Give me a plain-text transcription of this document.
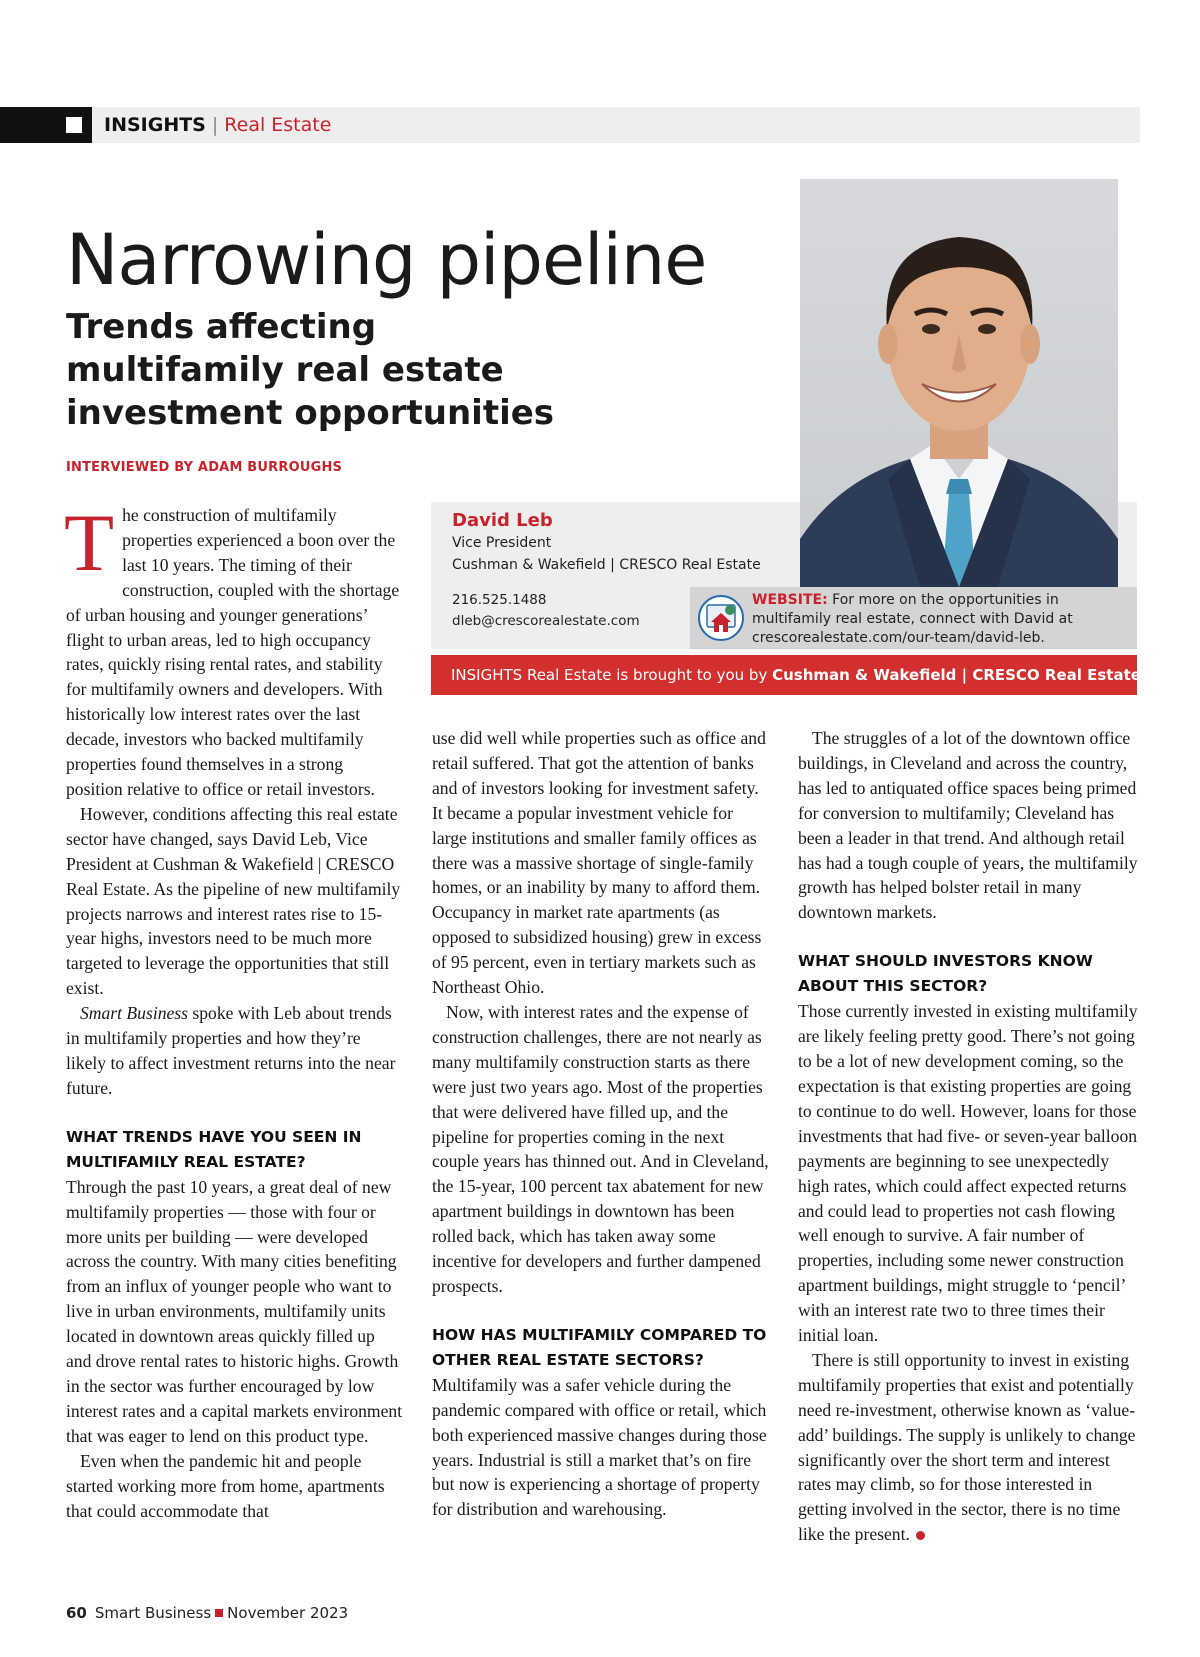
INSIGHTS | Real Estate
Narrowing pipeline
Trends affecting multifamily real estate investment opportunities
INTERVIEWED BY ADAM BURROUGHS
David Leb
Vice President
Cushman & Wakefield | CRESCO Real Estate
216.525.1488
dleb@crescorealestate.com
WEBSITE: For more on the opportunities in multifamily real estate, connect with David at crescorealestate.com/our-team/david-leb.
INSIGHTS Real Estate is brought to you by Cushman & Wakefield | CRESCO Real Estate

The construction of multifamily properties experienced a boon over the last 10 years. The timing of their construction, coupled with the shortage of urban housing and younger generations’ flight to urban areas, led to high occupancy rates, quickly rising rental rates, and stability for multifamily owners and developers. With historically low interest rates over the last decade, investors who backed multifamily properties found themselves in a strong position relative to office or retail investors.

However, conditions affecting this real estate sector have changed, says David Leb, Vice President at Cushman & Wakefield | CRESCO Real Estate. As the pipeline of new multifamily projects narrows and interest rates rise to 15-year highs, investors need to be much more targeted to leverage the opportunities that still exist.

Smart Business spoke with Leb about trends in multifamily properties and how they’re likely to affect investment returns into the near future.

WHAT TRENDS HAVE YOU SEEN IN MULTIFAMILY REAL ESTATE?

Through the past 10 years, a great deal of new multifamily properties — those with four or more units per building — were developed across the country. With many cities benefiting from an influx of younger people who want to live in urban environments, multifamily units located in downtown areas quickly filled up and drove rental rates to historic highs. Growth in the sector was further encouraged by low interest rates and a capital markets environment that was eager to lend on this product type.

Even when the pandemic hit and people started working more from home, apartments that could accommodate that

use did well while properties such as office and retail suffered. That got the attention of banks and of investors looking for investment safety. It became a popular investment vehicle for large institutions and smaller family offices as there was a massive shortage of single-family homes, or an inability by many to afford them. Occupancy in market rate apartments (as opposed to subsidized housing) grew in excess of 95 percent, even in tertiary markets such as Northeast Ohio.

Now, with interest rates and the expense of construction challenges, there are not nearly as many multifamily construction starts as there were just two years ago. Most of the properties that were delivered have filled up, and the pipeline for properties coming in the next couple years has thinned out. And in Cleveland, the 15-year, 100 percent tax abatement for new apartment buildings in downtown has been rolled back, which has taken away some incentive for developers and further dampened prospects.

HOW HAS MULTIFAMILY COMPARED TO OTHER REAL ESTATE SECTORS?

Multifamily was a safer vehicle during the pandemic compared with office or retail, which both experienced massive changes during those years. Industrial is still a market that’s on fire but now is experiencing a shortage of property for distribution and warehousing.

The struggles of a lot of the downtown office buildings, in Cleveland and across the country, has led to antiquated office spaces being primed for conversion to multifamily; Cleveland has been a leader in that trend. And although retail has had a tough couple of years, the multifamily growth has helped bolster retail in many downtown markets.

WHAT SHOULD INVESTORS KNOW ABOUT THIS SECTOR?

Those currently invested in existing multifamily are likely feeling pretty good. There’s not going to be a lot of new development coming, so the expectation is that existing properties are going to continue to do well. However, loans for those investments that had five- or seven-year balloon payments are beginning to see unexpectedly high rates, which could affect expected returns and could lead to properties not cash flowing well enough to survive. A fair number of properties, including some newer construction apartment buildings, might struggle to ‘pencil’ with an interest rate two to three times their initial loan.

There is still opportunity to invest in existing multifamily properties that exist and potentially need re-investment, otherwise known as ‘value-add’ buildings. The supply is unlikely to change significantly over the short term and interest rates may climb, so for those interested in getting involved in the sector, there is no time like the present.

60 Smart Business November 2023
